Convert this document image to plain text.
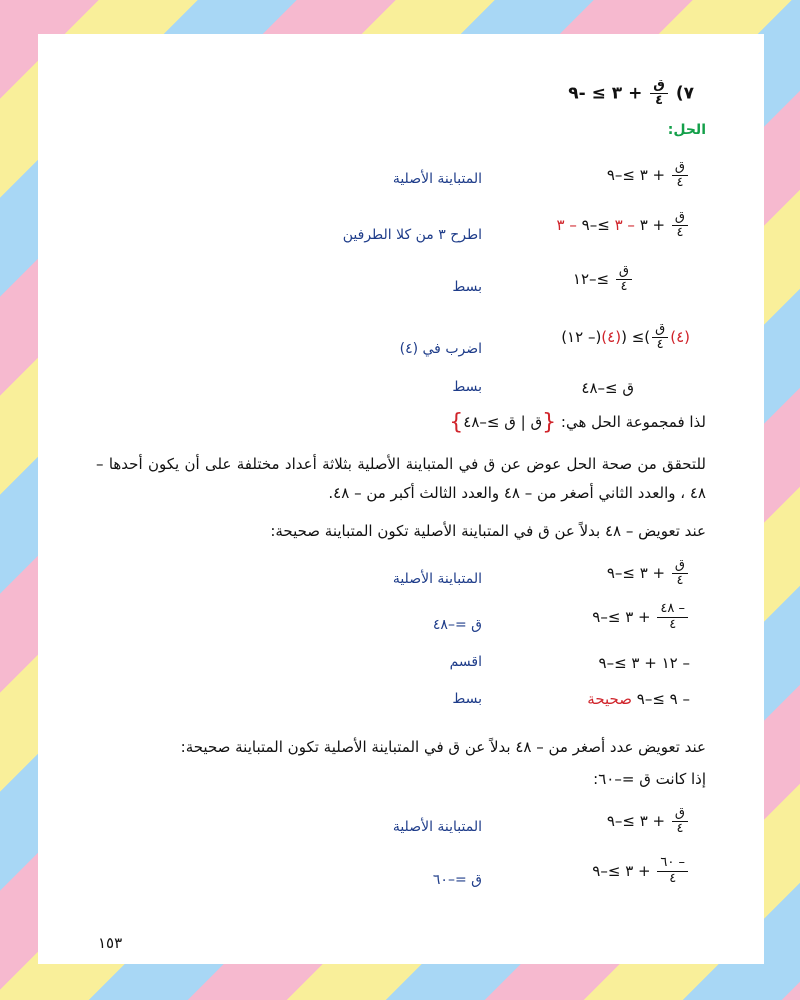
٧)
$\frac{\text{ق}}{٤}$
+ ٣ ≥ -٩
الحل:
$\frac{\text{ق}}{٤}$
+ ٣ ≥–٩
المتباينة الأصلية
$\frac{\text{ق}}{٤}$
+ ٣ – ٣ ≥–٩ – ٣
اطرح ٣ من كلا الطرفين
$\frac{\text{ق}}{٤}$
≥–١٢
بسط
(٤)
$\frac{\text{ق}}{٤}$
)≥ ((٤)(– ١٢)
اضرب في (٤)
ق ≥–٤٨
بسط
لذا فمجموعة الحل هي: {ق | ق ≥–٤٨}
للتحقق من صحة الحل عوض عن ق في المتباينة الأصلية بثلاثة أعداد مختلفة على أن يكون أحدها – ٤٨ ، والعدد الثاني أصغر من – ٤٨ والعدد الثالث أكبر من – ٤٨.
عند تعويض – ٤٨ بدلاً عن ق في المتباينة الأصلية تكون المتباينة صحيحة:
$\frac{\text{ق}}{٤}$
+ ٣ ≥–٩
المتباينة الأصلية
$\frac{- ٤٨}{٤}$
+ ٣ ≥–٩
ق =–٤٨
– ١٢ + ٣ ≥–٩
اقسم
– ٩ ≥–٩ صحيحة
بسط
عند تعويض عدد أصغر من – ٤٨ بدلاً عن ق في المتباينة الأصلية تكون المتباينة صحيحة:
إذا كانت ق =–٦٠:
$\frac{\text{ق}}{٤}$
+ ٣ ≥–٩
المتباينة الأصلية
$\frac{- ٦٠}{٤}$
+ ٣ ≥–٩
ق =–٦٠
١٥٣
